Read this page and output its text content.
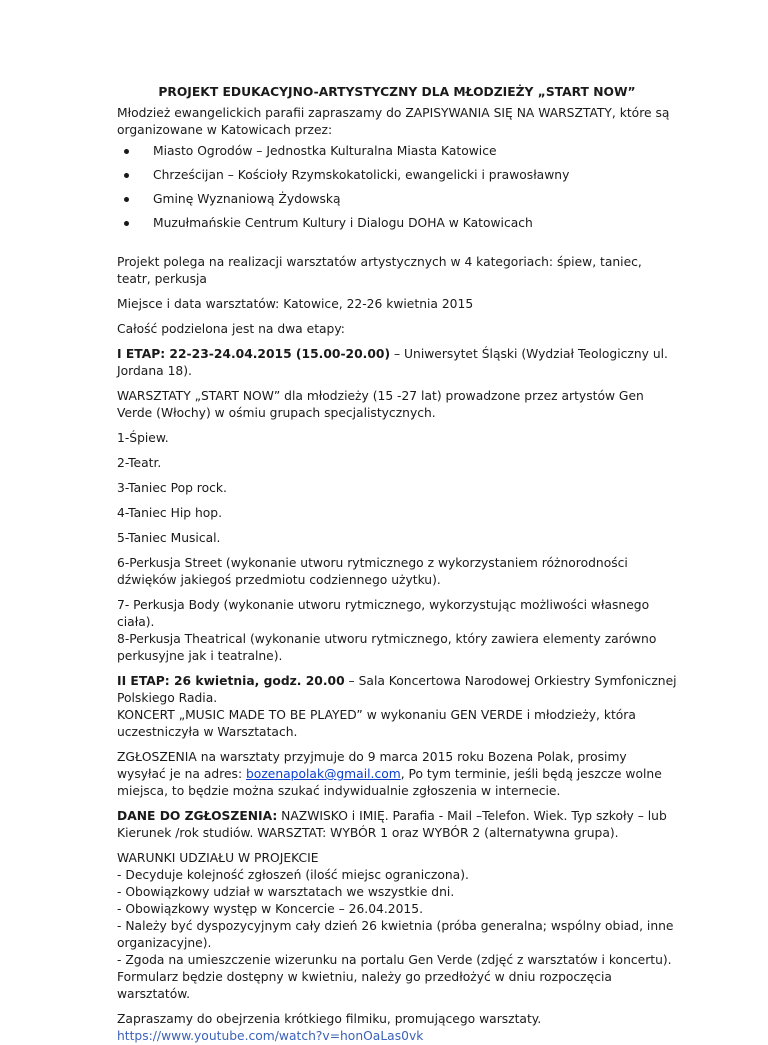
PROJEKT EDUKACYJNO-ARTYSTYCZNY DLA MŁODZIEŻY „START NOW”

Młodzież ewangelickich parafii zapraszamy do ZAPISYWANIA SIĘ NA WARSZTATY, które są organizowane w Katowicach przez:

Miasto Ogrodów – Jednostka Kulturalna Miasta Katowice
Chrześcijan – Kościoły Rzymskokatolicki, ewangelicki i prawosławny
Gminę Wyznaniową Żydowską
Muzułmańskie Centrum Kultury i Dialogu DOHA w Katowicach

Projekt polega na realizacji warsztatów artystycznych w 4 kategoriach: śpiew, taniec, teatr, perkusja

Miejsce i data warsztatów: Katowice, 22-26 kwietnia 2015

Całość podzielona jest na dwa etapy:

I ETAP: 22-23-24.04.2015 (15.00-20.00) – Uniwersytet Śląski (Wydział Teologiczny ul. Jordana 18).

WARSZTATY „START NOW” dla młodzieży (15 -27 lat) prowadzone przez artystów Gen Verde (Włochy) w ośmiu grupach specjalistycznych.

1-Śpiew.

2-Teatr.

3-Taniec Pop rock.

4-Taniec Hip hop.

5-Taniec Musical.

6-Perkusja Street (wykonanie utworu rytmicznego z wykorzystaniem różnorodności dźwięków jakiegoś przedmiotu codziennego użytku).

7- Perkusja Body (wykonanie utworu rytmicznego, wykorzystując możliwości własnego ciała).

8-Perkusja Theatrical (wykonanie utworu rytmicznego, który zawiera elementy zarówno perkusyjne jak i teatralne).

II ETAP: 26 kwietnia, godz. 20.00 – Sala Koncertowa Narodowej Orkiestry Symfonicznej Polskiego Radia.

KONCERT „MUSIC MADE TO BE PLAYED” w wykonaniu GEN VERDE i młodzieży, która uczestniczyła w Warsztatach.

ZGŁOSZENIA na warsztaty przyjmuje do 9 marca 2015 roku Bozena Polak, prosimy wysyłać je na adres: bozenapolak@gmail.com, Po tym terminie, jeśli będą jeszcze wolne miejsca, to będzie można szukać indywidualnie zgłoszenia w internecie.

DANE DO ZGŁOSZENIA: NAZWISKO i IMIĘ. Parafia - Mail –Telefon. Wiek. Typ szkoły – lub Kierunek /rok studiów. WARSZTAT: WYBÓR 1 oraz WYBÓR 2 (alternatywna grupa).

WARUNKI UDZIAŁU W PROJEKCIE
- Decyduje kolejność zgłoszeń (ilość miejsc ograniczona).
- Obowiązkowy udział w warsztatach we wszystkie dni.
- Obowiązkowy występ w Koncercie – 26.04.2015.
- Należy być dyspozycyjnym cały dzień 26 kwietnia (próba generalna; wspólny obiad, inne organizacyjne).
- Zgoda na umieszczenie wizerunku na portalu Gen Verde (zdjęć z warsztatów i koncertu). Formularz będzie dostępny w kwietniu, należy go przedłożyć w dniu rozpoczęcia warsztatów.

Zapraszamy do obejrzenia krótkiego filmiku, promującego warsztaty.

https://www.youtube.com/watch?v=honOaLas0vk
